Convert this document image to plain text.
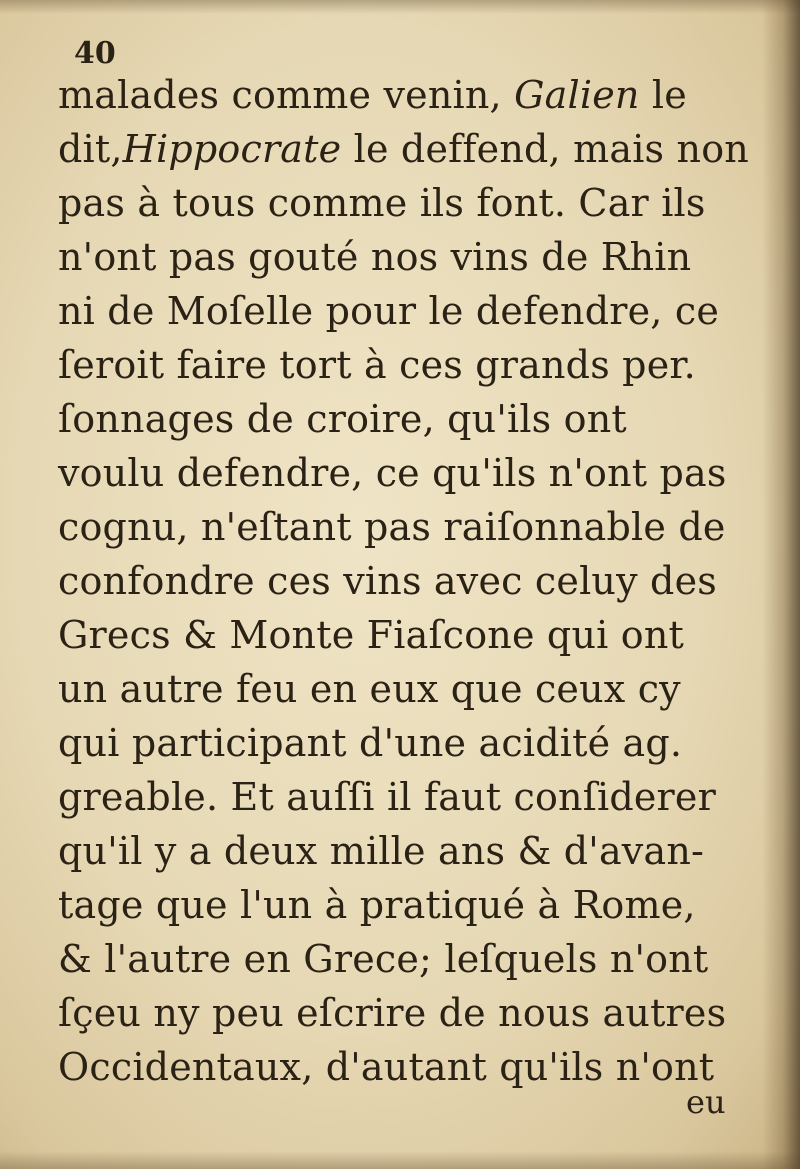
40
malades comme venin, Galien le
dit,Hippocrate le deffend, mais non
pas à tous comme ils font. Car ils
n'ont pas gouté nos vins de Rhin
ni de Moſelle pour le defendre, ce
ſeroit faire tort à ces grands per.
ſonnages de croire, qu'ils ont
voulu defendre, ce qu'ils n'ont pas
cognu, n'eſtant pas raiſonnable de
confondre ces vins avec celuy des
Grecs & Monte Fiaſcone qui ont
un autre feu en eux que ceux cy
qui participant d'une acidité ag.
greable. Et auſſi il faut conſiderer
qu'il y a deux mille ans & d'avan-
tage que l'un à pratiqué à Rome,
& l'autre en Grece; leſquels n'ont
ſçeu ny peu eſcrire de nous autres
Occidentaux, d'autant qu'ils n'ont
eu
